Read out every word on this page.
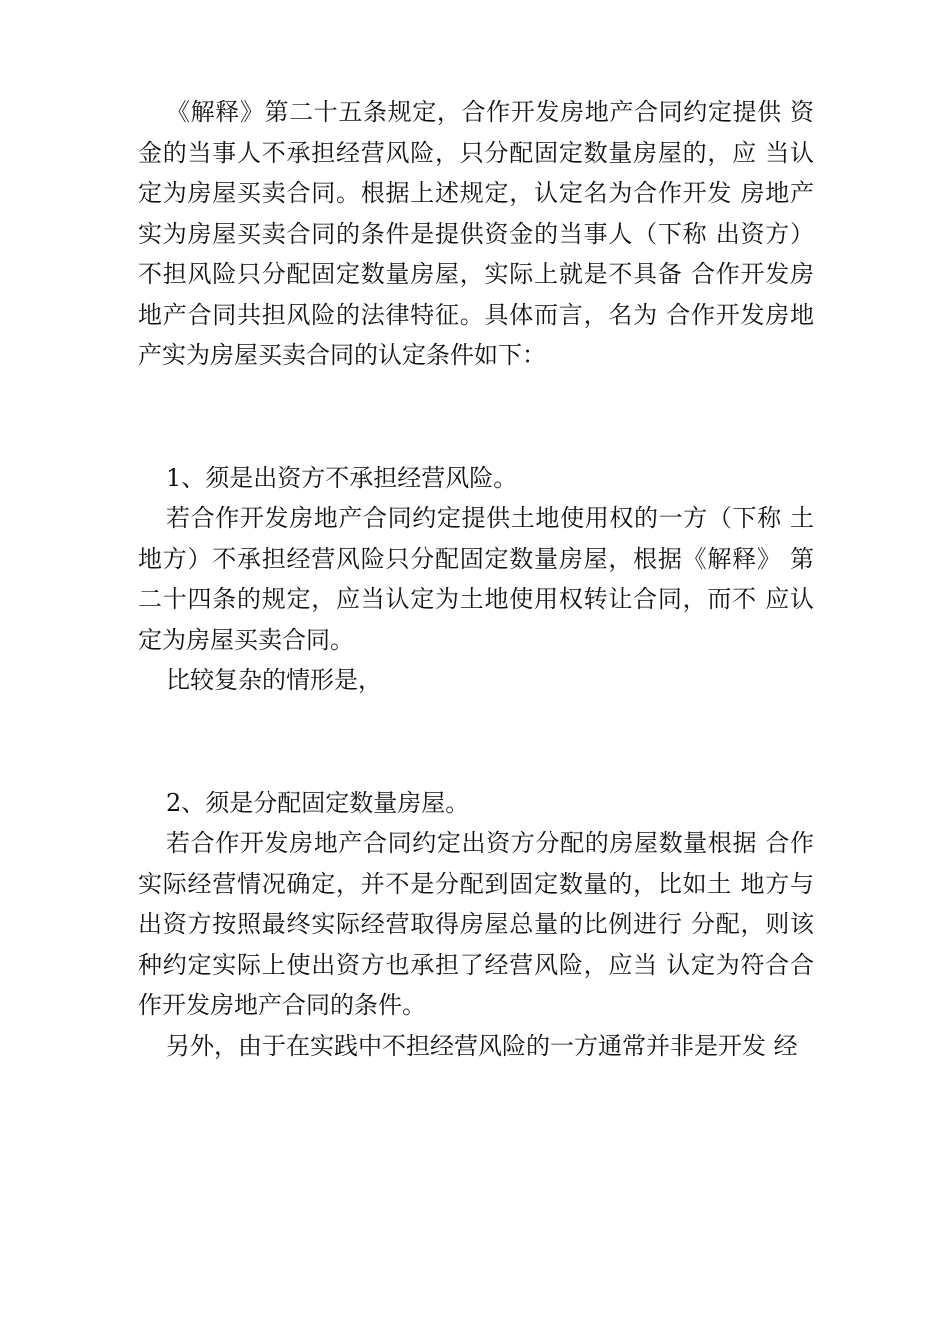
《解释》第二十五条规定，合作开发房地产合同约定提供 资金的当事人不承担经营风险，只分配固定数量房屋的，应 当认定为房屋买卖合同。根据上述规定，认定名为合作开发 房地产实为房屋买卖合同的条件是提供资金的当事人（下称 出资方）不担风险只分配固定数量房屋，实际上就是不具备 合作开发房地产合同共担风险的法律特征。具体而言，名为 合作开发房地产实为房屋买卖合同的认定条件如下：

1、须是出资方不承担经营风险。

若合作开发房地产合同约定提供土地使用权的一方（下称 土地方）不承担经营风险只分配固定数量房屋，根据《解释》 第二十四条的规定，应当认定为土地使用权转让合同，而不 应认定为房屋买卖合同。

比较复杂的情形是，

2、须是分配固定数量房屋。

若合作开发房地产合同约定出资方分配的房屋数量根据 合作实际经营情况确定，并不是分配到固定数量的，比如土 地方与出资方按照最终实际经营取得房屋总量的比例进行 分配，则该种约定实际上使出资方也承担了经营风险，应当 认定为符合合作开发房地产合同的条件。

另外，由于在实践中不担经营风险的一方通常并非是开发 经
